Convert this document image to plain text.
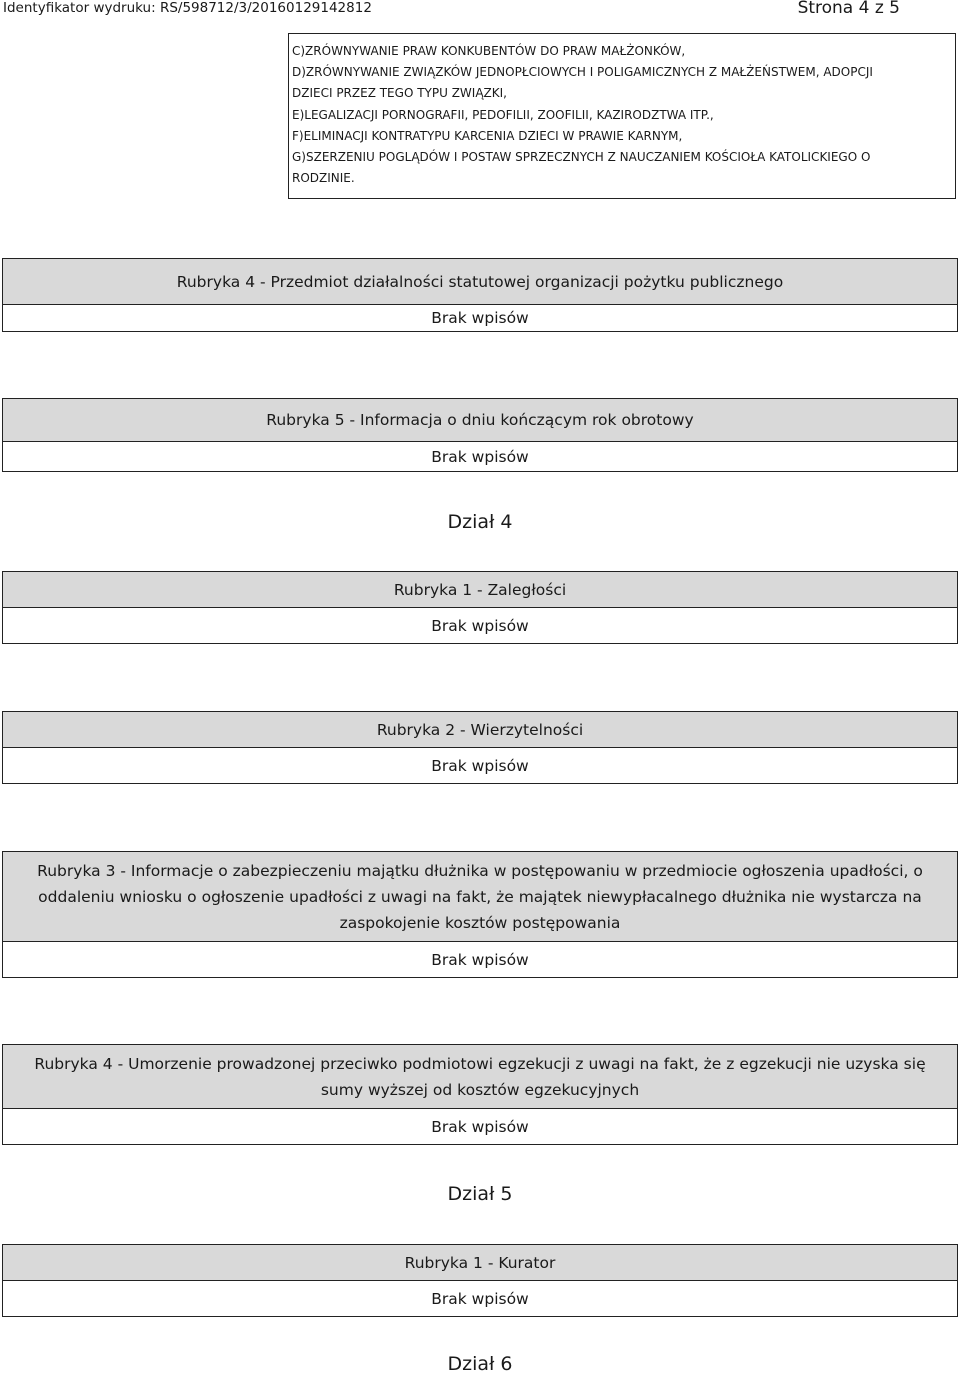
Identyfikator wydruku: RS/598712/3/20160129142812	Strona 4 z 5
C)ZRÓWNYWANIE PRAW KONKUBENTÓW DO PRAW MAŁŻONKÓW,
D)ZRÓWNYWANIE ZWIĄZKÓW JEDNOPŁCIOWYCH I POLIGAMICZNYCH Z MAŁŻEŃSTWEM, ADOPCJI
DZIECI PRZEZ TEGO TYPU ZWIĄZKI,
E)LEGALIZACJI PORNOGRAFII, PEDOFILII, ZOOFILII, KAZIRODZTWA ITP.,
F)ELIMINACJI KONTRATYPU KARCENIA DZIECI W PRAWIE KARNYM,
G)SZERZENIU POGLĄDÓW I POSTAW SPRZECZNYCH Z NAUCZANIEM KOŚCIOŁA KATOLICKIEGO O
RODZINIE.
Rubryka 4 - Przedmiot działalności statutowej organizacji pożytku publicznego
Brak wpisów
Rubryka 5 - Informacja o dniu kończącym rok obrotowy
Brak wpisów
Dział 4
Rubryka 1 - Zaległości
Brak wpisów
Rubryka 2 - Wierzytelności
Brak wpisów
Rubryka 3 - Informacje o zabezpieczeniu majątku dłużnika w postępowaniu w przedmiocie ogłoszenia upadłości, o
oddaleniu wniosku o ogłoszenie upadłości z uwagi na fakt, że majątek niewypłacalnego dłużnika nie wystarcza na
zaspokojenie kosztów postępowania
Brak wpisów
Rubryka 4 - Umorzenie prowadzonej przeciwko podmiotowi egzekucji z uwagi na fakt, że z egzekucji nie uzyska się
sumy wyższej od kosztów egzekucyjnych
Brak wpisów
Dział 5
Rubryka 1 - Kurator
Brak wpisów
Dział 6
